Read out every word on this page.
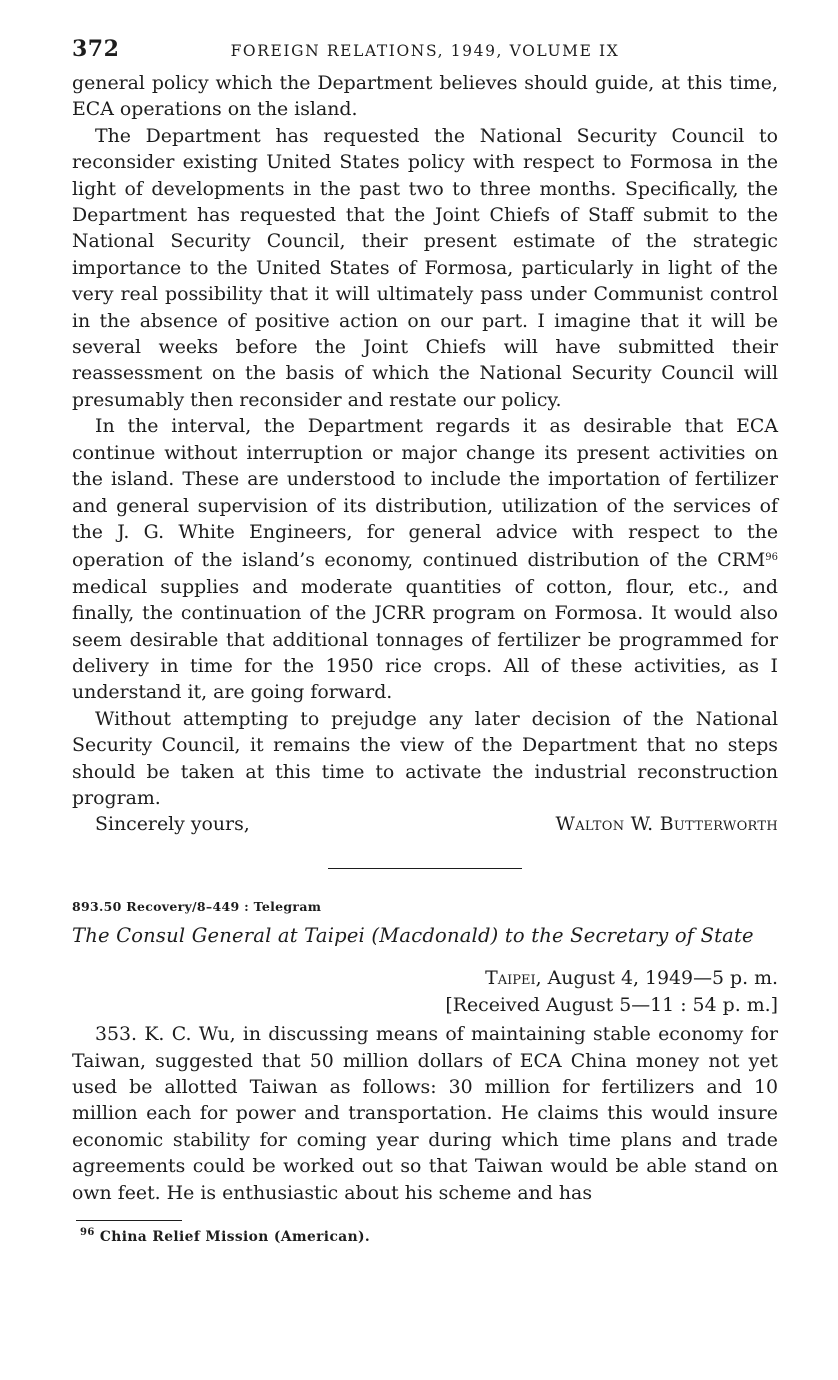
372	FOREIGN RELATIONS, 1949, VOLUME IX

general policy which the Department believes should guide, at this time, ECA operations on the island.

The Department has requested the National Security Council to reconsider existing United States policy with respect to Formosa in the light of developments in the past two to three months. Specifically, the Department has requested that the Joint Chiefs of Staff submit to the National Security Council, their present estimate of the strategic importance to the United States of Formosa, particularly in light of the very real possibility that it will ultimately pass under Communist control in the absence of positive action on our part. I imagine that it will be several weeks before the Joint Chiefs will have submitted their reassessment on the basis of which the National Security Council will presumably then reconsider and restate our policy.

In the interval, the Department regards it as desirable that ECA continue without interruption or major change its present activities on the island. These are understood to include the importation of fertilizer and general supervision of its distribution, utilization of the services of the J. G. White Engineers, for general advice with respect to the operation of the island’s economy, continued distribution of the CRM$^{96}$ medical supplies and moderate quantities of cotton, flour, etc., and finally, the continuation of the JCRR program on Formosa. It would also seem desirable that additional tonnages of fertilizer be programmed for delivery in time for the 1950 rice crops. All of these activities, as I understand it, are going forward.

Without attempting to prejudge any later decision of the National Security Council, it remains the view of the Department that no steps should be taken at this time to activate the industrial reconstruction program.

Sincerely yours,	Walton W. Butterworth
893.50 Recovery/8–449 : Telegram
The Consul General at Taipei (Macdonald) to the Secretary of State
Taipei, August 4, 1949—5 p. m.
[Received August 5—11 : 54 p. m.]

353. K. C. Wu, in discussing means of maintaining stable economy for Taiwan, suggested that 50 million dollars of ECA China money not yet used be allotted Taiwan as follows: 30 million for fertilizers and 10 million each for power and transportation. He claims this would insure economic stability for coming year during which time plans and trade agreements could be worked out so that Taiwan would be able stand on own feet. He is enthusiastic about his scheme and has

$^{96}$ China Relief Mission (American).
